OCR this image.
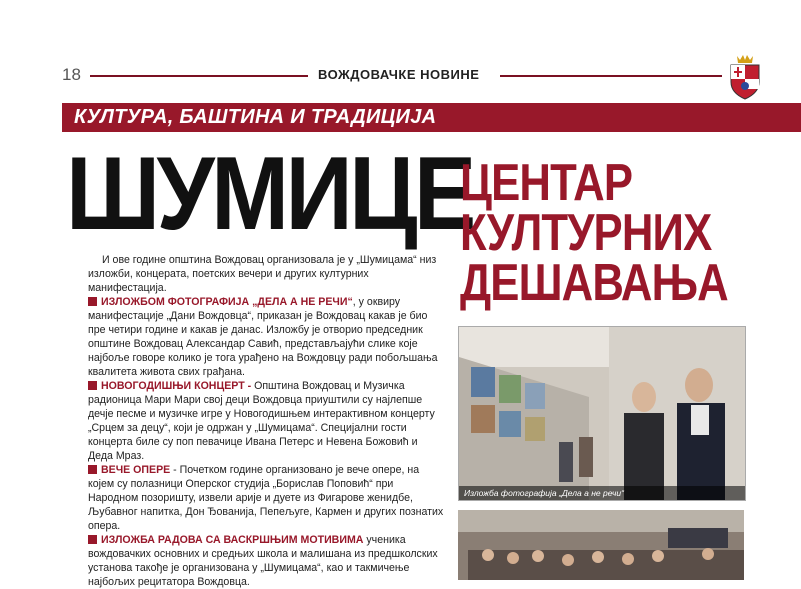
18	ВОЖДОВАЧКЕ НОВИНЕ
КУЛТУРА, БАШТИНА И ТРАДИЦИЈА
ШУМИЦЕ
ЦЕНТАР
КУЛТУРНИХ
ДЕШАВАЊА

И ове године општина Вождовац организовала је у „Шумицама“ низ изложби, концерата, поетских вечери и других културних манифестација.

ИЗЛОЖБОМ ФОТОГРАФИЈА „ДЕЛА А НЕ РЕЧИ“, у оквиру манифестације „Дани Вождовца“, приказан је Вождовац какав је био пре четири године и какав је данас. Изложбу је отворио председник општине Вождовац Александар Савић, представљајући слике које најбоље говоре колико је тога урађено на Вождовцу ради побољшања квалитета живота свих грађана.

НОВОГОДИШЊИ КОНЦЕРТ - Општина Вождовац и Музичка радионица Мари Мари свој деци Вождовца приуштили су најлепше дечје песме и музичке игре у Новогодишњем интерактивном концерту „Срцем за децу“, који је одржан у „Шумицама“. Специјални гости концерта биле су поп певачице Ивана Петерс и Невена Божовић и Деда Мраз.

ВЕЧЕ ОПЕРЕ - Почетком године организовано је вече опере, на којем су полазници Оперског студија „Борислав Поповић“ при Народном позоришту, извели арије и дуете из Фигарове женидбе, Љубавног напитка, Дон Ђованија, Пепељуге, Кармен и других познатих опера.

ИЗЛОЖБА РАДОВА СА ВАСКРШЊИМ МОТИВИМА ученика вождовачких основних и средњих школа и малишана из предшколских установа такође је организована у „Шумицама“, као и такмичење најбољих рецитатора Вождовца.

Изложба фотографија „Дела а не речи“
